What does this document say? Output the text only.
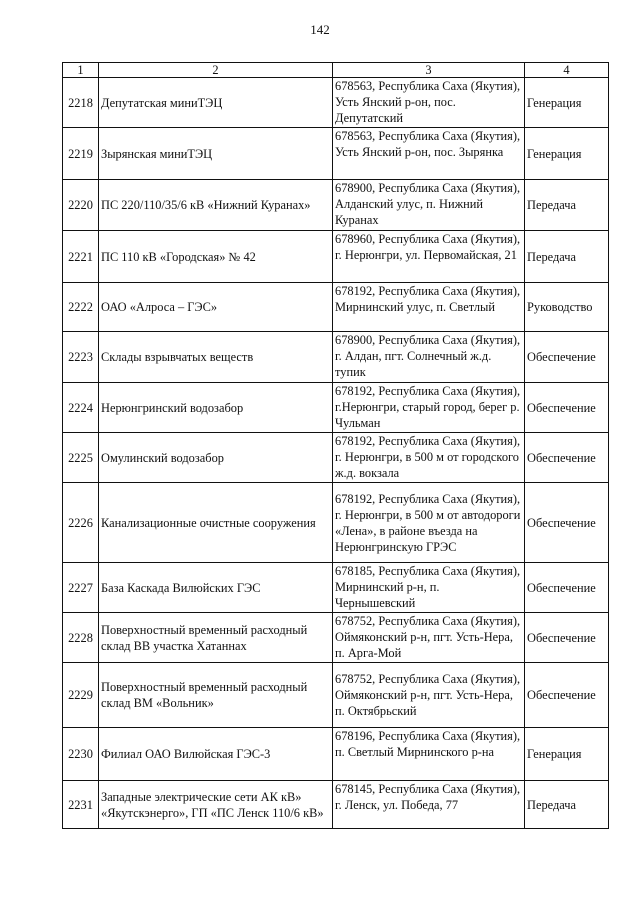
142
1	2	3	4
2218	Депутатская миниТЭЦ	678563, Республика Саха (Якутия), Усть Янский р-он, пос. Депутатский	Генерация
2219	Зырянская миниТЭЦ	678563, Республика Саха (Якутия), Усть Янский р-он, пос. Зырянка	Генерация
2220	ПС 220/110/35/6 кВ «Нижний Куранах»	678900, Республика Саха (Якутия), Алданский улус, п. Нижний Куранах	Передача
2221	ПС 110 кВ «Городская» № 42	678960, Республика Саха (Якутия), г. Нерюнгри, ул. Первомайская, 21	Передача
2222	ОАО «Алроса – ГЭС»	678192, Республика Саха (Якутия), Мирнинский улус, п. Светлый	Руководство
2223	Склады взрывчатых веществ	678900, Республика Саха (Якутия), г. Алдан, пгт. Солнечный ж.д. тупик	Обеспечение
2224	Нерюнгринский водозабор	678192, Республика Саха (Якутия), г.Нерюнгри, старый город, берег р. Чульман	Обеспечение
2225	Омулинский водозабор	678192, Республика Саха (Якутия), г. Нерюнгри, в 500 м от городского ж.д. вокзала	Обеспечение
2226	Канализационные очистные сооружения	678192, Республика Саха (Якутия), г. Нерюнгри, в 500 м от автодороги «Лена», в районе въезда на Нерюнгринскую ГРЭС	Обеспечение
2227	База Каскада Вилюйских ГЭС	678185, Республика Саха (Якутия), Мирнинский р-н, п. Чернышевский	Обеспечение
2228	Поверхностный временный расходный склад ВВ участка Хатаннах	678752, Республика Саха (Якутия), Оймяконский р-н, пгт. Усть-Нера, п. Арга-Мой	Обеспечение
2229	Поверхностный временный расходный склад ВМ «Вольник»	678752, Республика Саха (Якутия), Оймяконский р-н, пгт. Усть-Нера, п. Октябрьский	Обеспечение
2230	Филиал ОАО Вилюйская ГЭС-3	678196, Республика Саха (Якутия), п. Светлый Мирнинского р-на	Генерация
2231	Западные электрические сети АК кВ» «Якутскэнерго», ГП «ПС Ленск 110/6 кВ»	678145, Республика Саха (Якутия), г. Ленск, ул. Победа, 77	Передача
